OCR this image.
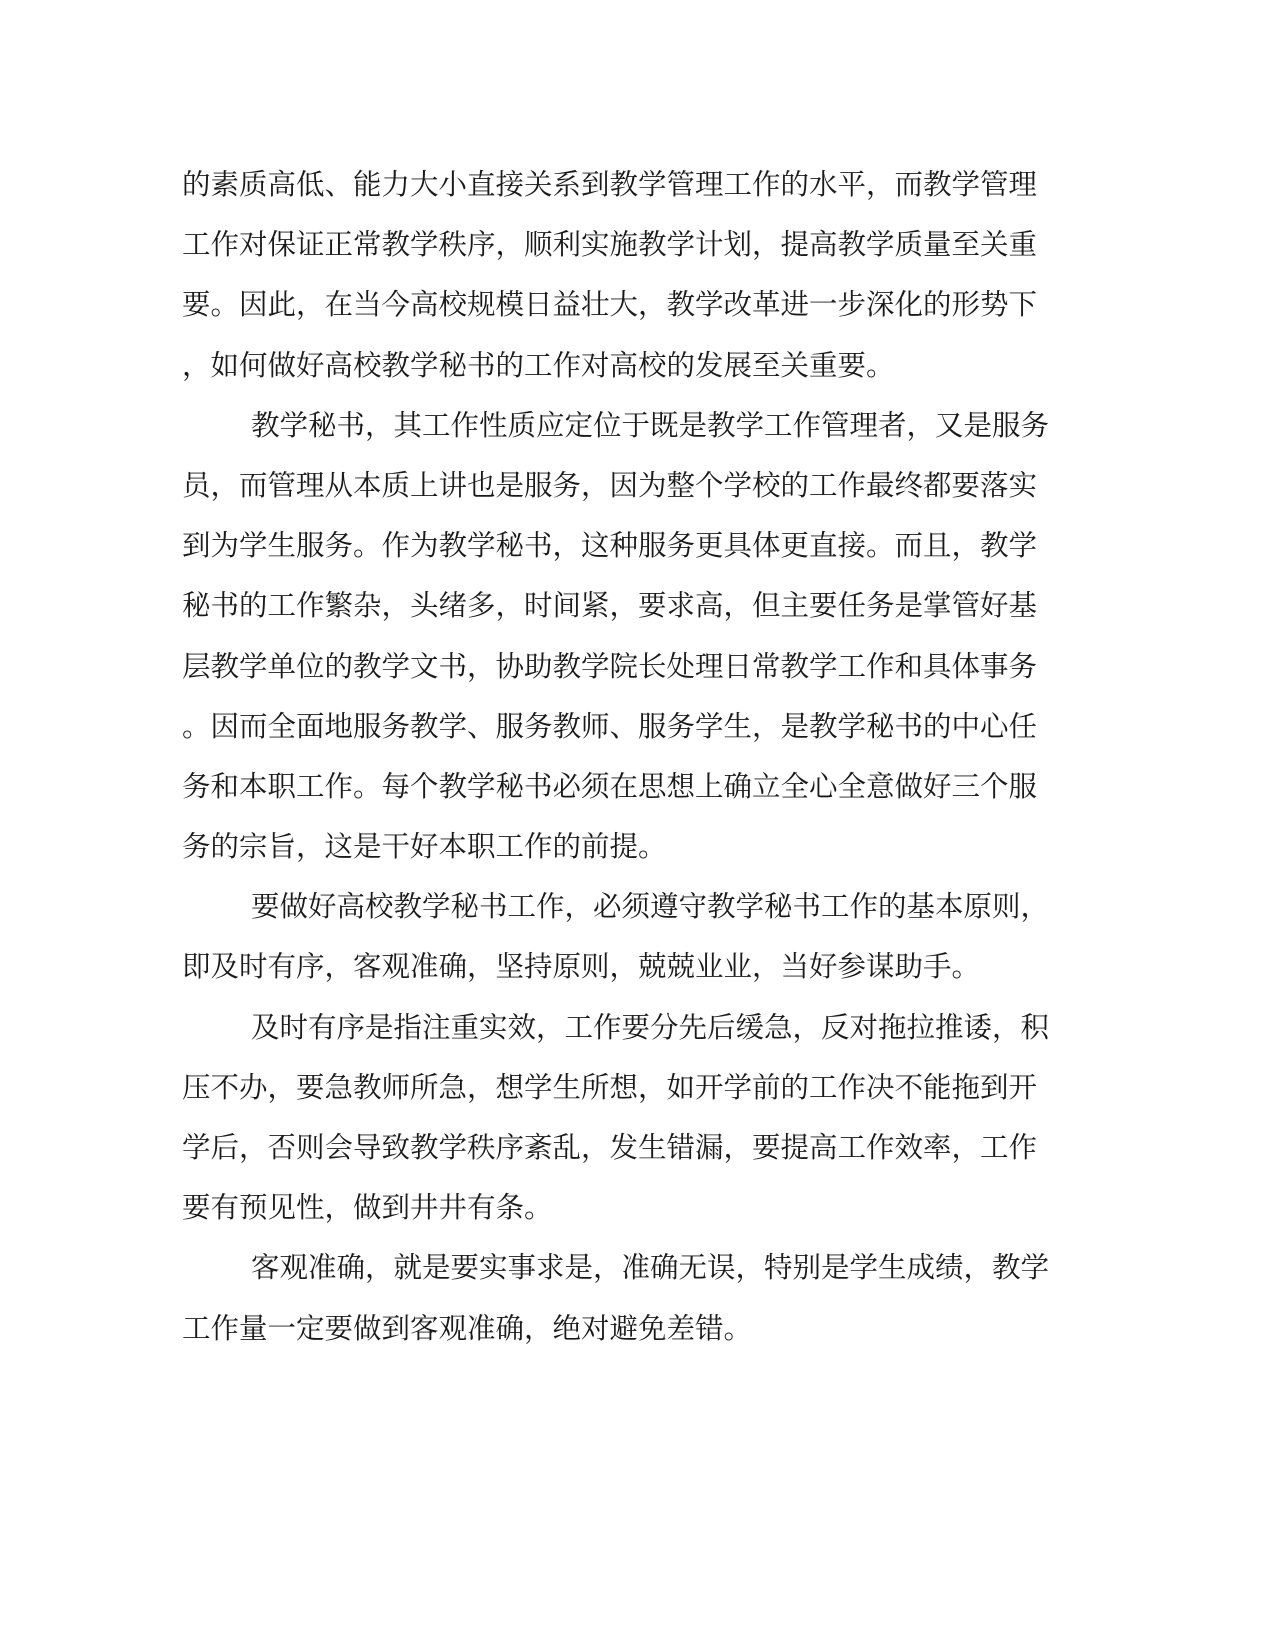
的素质高低、能力大小直接关系到教学管理工作的水平，而教学管理
工作对保证正常教学秩序，顺利实施教学计划，提高教学质量至关重
要。因此，在当今高校规模日益壮大，教学改革进一步深化的形势下
，如何做好高校教学秘书的工作对高校的发展至关重要。
教学秘书，其工作性质应定位于既是教学工作管理者，又是服务
员，而管理从本质上讲也是服务，因为整个学校的工作最终都要落实
到为学生服务。作为教学秘书，这种服务更具体更直接。而且，教学
秘书的工作繁杂，头绪多，时间紧，要求高，但主要任务是掌管好基
层教学单位的教学文书，协助教学院长处理日常教学工作和具体事务
。因而全面地服务教学、服务教师、服务学生，是教学秘书的中心任
务和本职工作。每个教学秘书必须在思想上确立全心全意做好三个服
务的宗旨，这是干好本职工作的前提。
要做好高校教学秘书工作，必须遵守教学秘书工作的基本原则，
即及时有序，客观准确，坚持原则，兢兢业业，当好参谋助手。
及时有序是指注重实效，工作要分先后缓急，反对拖拉推诿，积
压不办，要急教师所急，想学生所想，如开学前的工作决不能拖到开
学后，否则会导致教学秩序紊乱，发生错漏，要提高工作效率，工作
要有预见性，做到井井有条。
客观准确，就是要实事求是，准确无误，特别是学生成绩，教学
工作量一定要做到客观准确，绝对避免差错。
